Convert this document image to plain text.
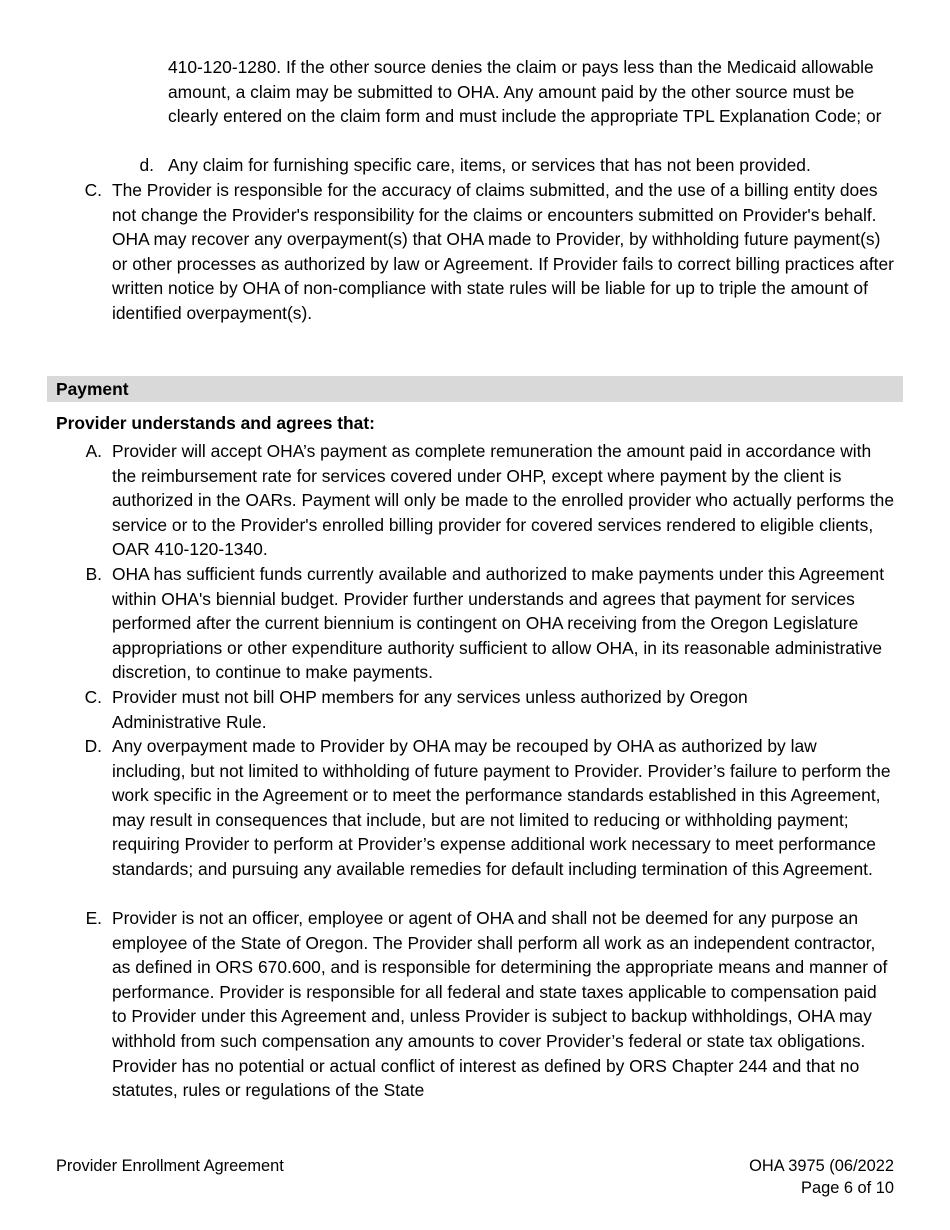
410-120-1280. If the other source denies the claim or pays less than the Medicaid allowable amount, a claim may be submitted to OHA. Any amount paid by the other source must be clearly entered on the claim form and must include the appropriate TPL Explanation Code; or
d. Any claim for furnishing specific care, items, or services that has not been provided.
C. The Provider is responsible for the accuracy of claims submitted, and the use of a billing entity does not change the Provider's responsibility for the claims or encounters submitted on Provider's behalf. OHA may recover any overpayment(s) that OHA made to Provider, by withholding future payment(s) or other processes as authorized by law or Agreement. If Provider fails to correct billing practices after written notice by OHA of non-compliance with state rules will be liable for up to triple the amount of identified overpayment(s).
Payment
Provider understands and agrees that:
A. Provider will accept OHA’s payment as complete remuneration the amount paid in accordance with the reimbursement rate for services covered under OHP, except where payment by the client is authorized in the OARs. Payment will only be made to the enrolled provider who actually performs the service or to the Provider's enrolled billing provider for covered services rendered to eligible clients, OAR 410-120-1340.
B. OHA has sufficient funds currently available and authorized to make payments under this Agreement within OHA's biennial budget. Provider further understands and agrees that payment for services performed after the current biennium is contingent on OHA receiving from the Oregon Legislature appropriations or other expenditure authority sufficient to allow OHA, in its reasonable administrative discretion, to continue to make payments.
C. Provider must not bill OHP members for any services unless authorized by Oregon Administrative Rule.
D. Any overpayment made to Provider by OHA may be recouped by OHA as authorized by law including, but not limited to withholding of future payment to Provider. Provider’s failure to perform the work specific in the Agreement or to meet the performance standards established in this Agreement, may result in consequences that include, but are not limited to reducing or withholding payment; requiring Provider to perform at Provider’s expense additional work necessary to meet performance standards; and pursuing any available remedies for default including termination of this Agreement.
E. Provider is not an officer, employee or agent of OHA and shall not be deemed for any purpose an employee of the State of Oregon. The Provider shall perform all work as an independent contractor, as defined in ORS 670.600, and is responsible for determining the appropriate means and manner of performance. Provider is responsible for all federal and state taxes applicable to compensation paid to Provider under this Agreement and, unless Provider is subject to backup withholdings, OHA may withhold from such compensation any amounts to cover Provider’s federal or state tax obligations. Provider has no potential or actual conflict of interest as defined by ORS Chapter 244 and that no statutes, rules or regulations of the State
Provider Enrollment Agreement	OHA 3975 (06/2022
Page 6 of 10
